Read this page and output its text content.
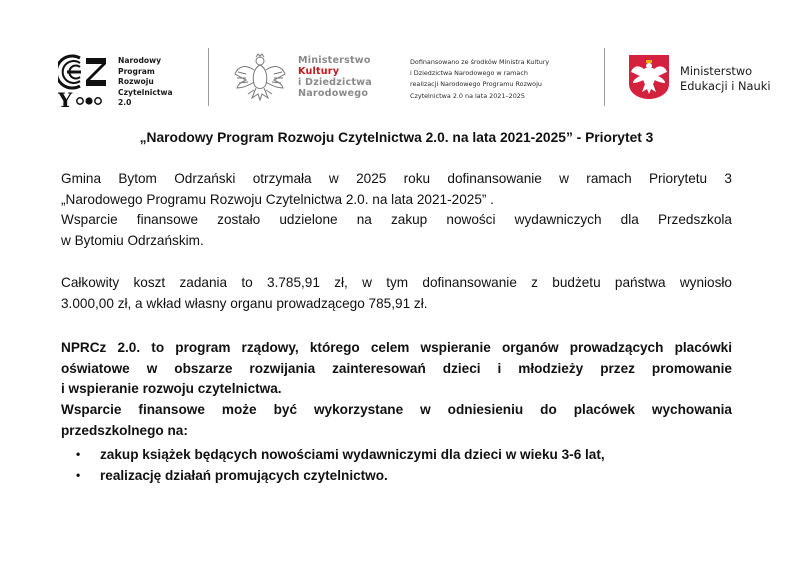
Y
Narodowy
Program
Rozwoju
Czytelnictwa
2.0
Ministerstwo
Kultury
i Dziedzictwa
Narodowego
Dofinansowano ze środków Ministra Kultury
i Dziedzictwa Narodowego w ramach
realizacji Narodowego Programu Rozwoju
Czytelnictwa 2.0 na lata 2021–2025
Ministerstwo
Edukacji i Nauki
„Narodowy Program Rozwoju Czytelnictwa 2.0. na lata 2021-2025” - Priorytet 3
Gmina Bytom Odrzański otrzymała w 2025 roku dofinansowanie w ramach Priorytetu 3
„Narodowego Programu Rozwoju Czytelnictwa 2.0. na lata 2021-2025” .
Wsparcie finansowe zostało udzielone na zakup nowości wydawniczych dla Przedszkola
w Bytomiu Odrzańskim.
Całkowity koszt zadania to 3.785,91 zł, w tym dofinansowanie z budżetu państwa wyniosło
3.000,00 zł, a wkład własny organu prowadzącego 785,91 zł.
NPRCz 2.0. to program rządowy, którego celem wspieranie organów prowadzących placówki
oświatowe w obszarze rozwijania zainteresowań dzieci i młodzieży przez promowanie
i wspieranie rozwoju czytelnictwa.
Wsparcie finansowe może być wykorzystane w odniesieniu do placówek wychowania
przedszkolnego na:
• zakup książek będących nowościami wydawniczymi dla dzieci w wieku 3-6 lat,
• realizację działań promujących czytelnictwo.
